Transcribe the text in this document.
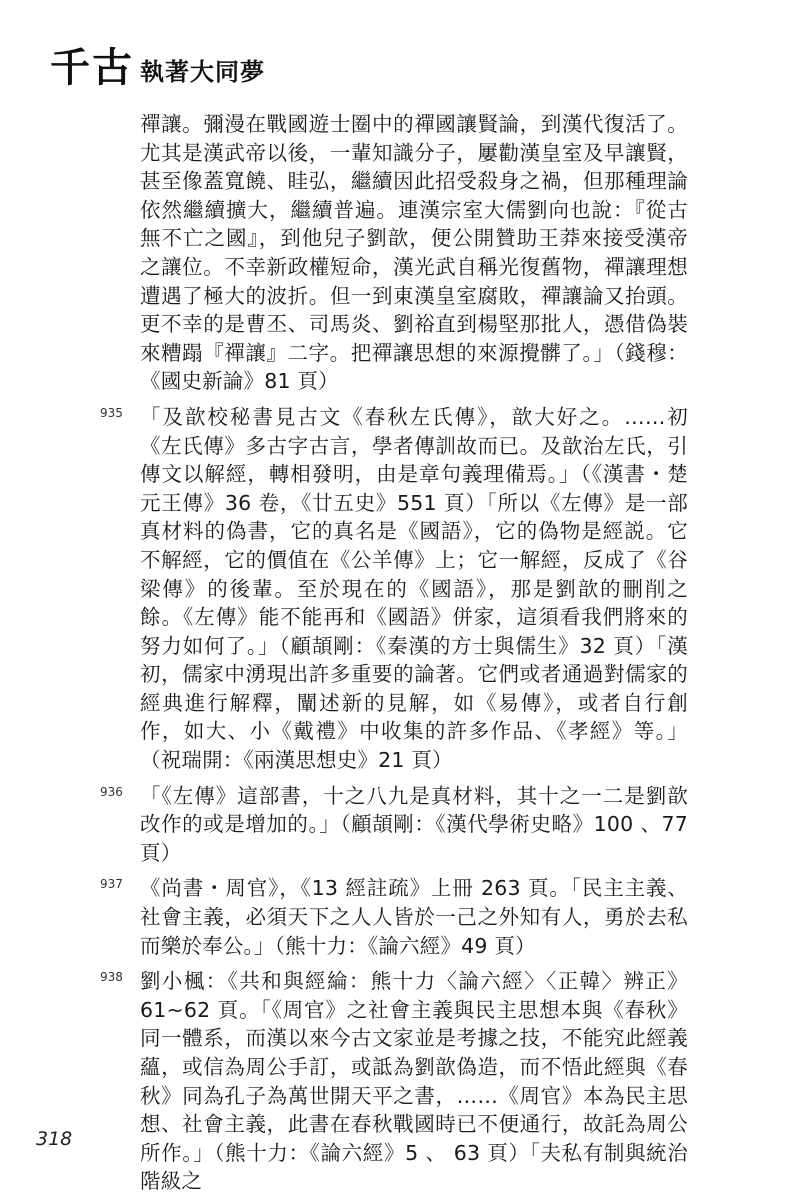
千古 執著大同夢

禪讓。彌漫在戰國遊士圈中的禪國讓賢論，到漢代復活了。尤其是漢武帝以後，一輩知識分子，屢勸漢皇室及早讓賢，甚至像蓋寬饒、眭弘，繼續因此招受殺身之禍，但那種理論依然繼續擴大，繼續普遍。連漢宗室大儒劉向也說：『從古無不亡之國』，到他兒子劉歆，便公開贊助王莽來接受漢帝之讓位。不幸新政權短命，漢光武自稱光復舊物，禪讓理想遭遇了極大的波折。但一到東漢皇室腐敗，禪讓論又抬頭。更不幸的是曹丕、司馬炎、劉裕直到楊堅那批人，憑借偽裝來糟蹋『禪讓』二字。把禪讓思想的來源攪髒了。」（錢穆：《國史新論》81 頁）

935 「及歆校秘書見古文《春秋左氏傳》，歆大好之。……初《左氏傳》多古字古言，學者傳訓故而已。及歆治左氏，引傳文以解經，轉相發明，由是章句義理備焉。」（《漢書・楚元王傳》36 卷，《廿五史》551 頁）「所以《左傳》是一部真材料的偽書，它的真名是《國語》，它的偽物是經説。它不解經，它的價值在《公羊傳》上；它一解經，反成了《谷梁傳》的後輩。至於現在的《國語》，那是劉歆的刪削之餘。《左傳》能不能再和《國語》併家，這須看我們將來的努力如何了。」（顧頡剛：《秦漢的方士與儒生》32 頁）「漢初，儒家中湧現出許多重要的論著。它們或者通過對儒家的經典進行解釋，闡述新的見解，如《易傳》，或者自行創作，如大、小《戴禮》中收集的許多作品、《孝經》等。」（祝瑞開：《兩漢思想史》21 頁）

936 「《左傳》這部書，十之八九是真材料，其十之一二是劉歆改作的或是增加的。」（顧頡剛：《漢代學術史略》100 、77 頁）

937 《尚書・周官》，《13 經註疏》上冊 263 頁。「民主主義、社會主義，必須天下之人人皆於一己之外知有人，勇於去私而樂於奉公。」（熊十力：《論六經》49 頁）

938 劉小楓：《共和與經綸：熊十力〈論六經〉〈正韓〉辨正》61~62 頁。「《周官》之社會主義與民主思想本與《春秋》同一體系，而漢以來今古文家並是考據之技，不能究此經義蘊，或信為周公手訂，或詆為劉歆偽造，而不悟此經與《春秋》同為孔子為萬世開天平之書，……《周官》本為民主思想、社會主義，此書在春秋戰國時已不便通行，故託為周公所作。」（熊十力：《論六經》5 、 63 頁）「夫私有制與統治階級之

318
